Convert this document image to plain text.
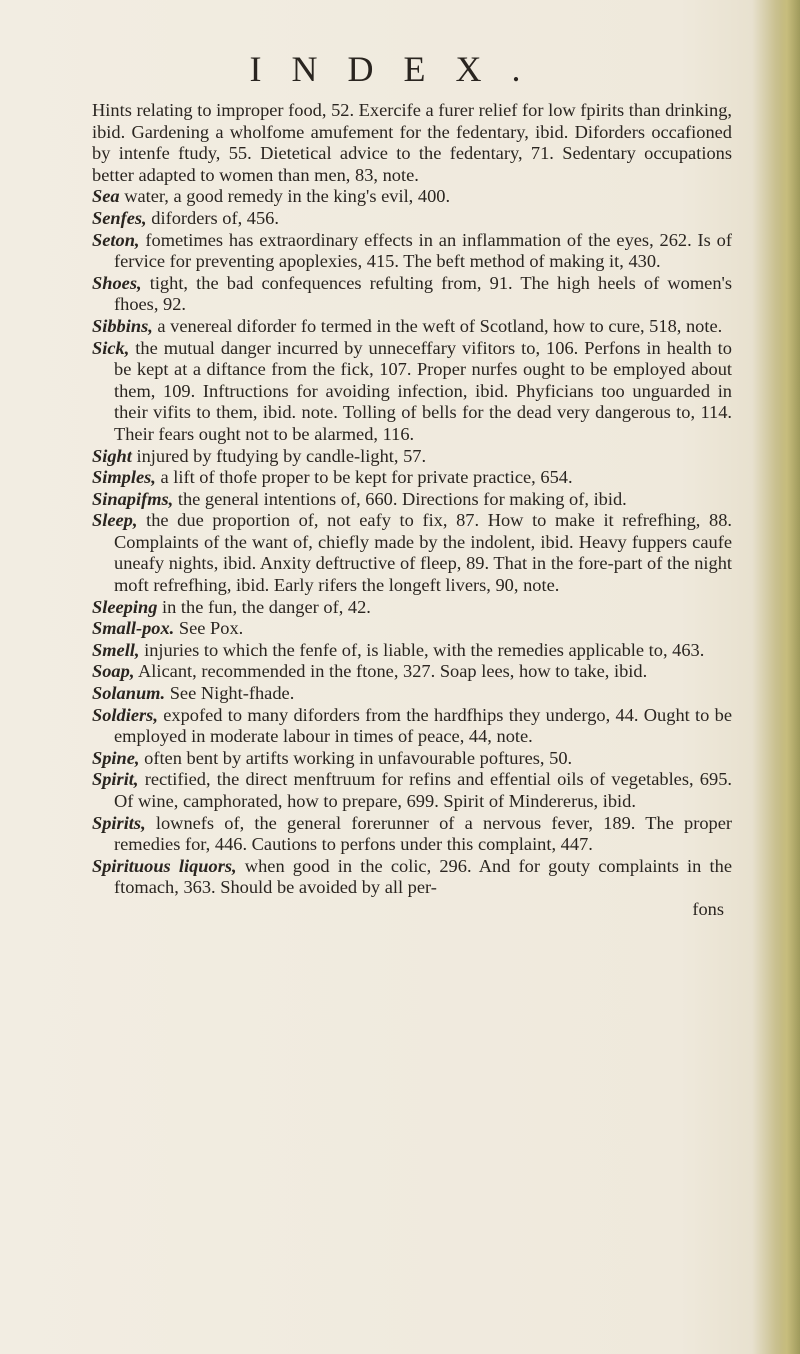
INDEX.

Hints relating to improper food, 52. Exercife a furer relief for low fpirits than drinking, ibid. Gardening a wholfome amufement for the fedentary, ibid. Diforders occafioned by intenfe ftudy, 55. Dietetical advice to the fedentary, 71. Sedentary occupations better adapted to women than men, 83, note.

Sea water, a good remedy in the king's evil, 400.

Senfes, diforders of, 456.

Seton, fometimes has extraordinary effects in an inflammation of the eyes, 262. Is of fervice for preventing apoplexies, 415. The beft method of making it, 430.

Shoes, tight, the bad confequences refulting from, 91. The high heels of women's fhoes, 92.

Sibbins, a venereal diforder fo termed in the weft of Scotland, how to cure, 518, note.

Sick, the mutual danger incurred by unneceffary vifitors to, 106. Perfons in health to be kept at a diftance from the fick, 107. Proper nurfes ought to be employed about them, 109. Inftructions for avoiding infection, ibid. Phyficians too unguarded in their vifits to them, ibid. note. Tolling of bells for the dead very dangerous to, 114. Their fears ought not to be alarmed, 116.

Sight injured by ftudying by candle-light, 57.

Simples, a lift of thofe proper to be kept for private practice, 654.

Sinapifms, the general intentions of, 660. Directions for making of, ibid.

Sleep, the due proportion of, not eafy to fix, 87. How to make it refrefhing, 88. Complaints of the want of, chiefly made by the indolent, ibid. Heavy fuppers caufe uneafy nights, ibid. Anxity deftructive of fleep, 89. That in the fore-part of the night moft refrefhing, ibid. Early rifers the longeft livers, 90, note.

Sleeping in the fun, the danger of, 42.

Small-pox. See Pox.

Smell, injuries to which the fenfe of, is liable, with the remedies applicable to, 463.

Soap, Alicant, recommended in the ftone, 327. Soap lees, how to take, ibid.

Solanum. See Night-fhade.

Soldiers, expofed to many diforders from the hardfhips they undergo, 44. Ought to be employed in moderate labour in times of peace, 44, note.

Spine, often bent by artifts working in unfavourable poftures, 50.

Spirit, rectified, the direct menftruum for refins and effential oils of vegetables, 695. Of wine, camphorated, how to prepare, 699. Spirit of Mindererus, ibid.

Spirits, lownefs of, the general forerunner of a nervous fever, 189. The proper remedies for, 446. Cautions to perfons under this complaint, 447.

Spirituous liquors, when good in the colic, 296. And for gouty complaints in the ftomach, 363. Should be avoided by all per-

fons
